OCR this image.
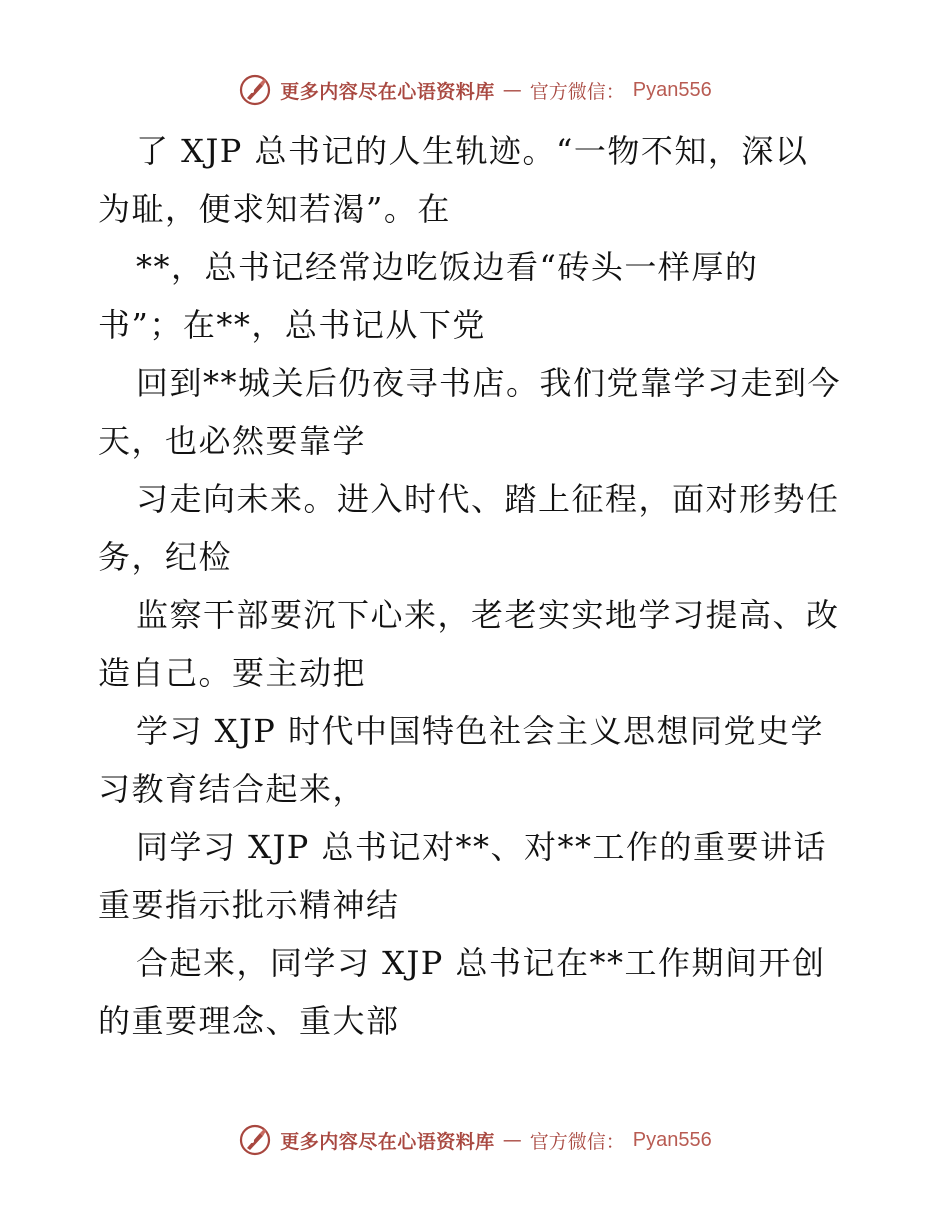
更多内容尽在心语资料库 — 官方微信： Pyan556
了 XJP 总书记的人生轨迹。“一物不知，深以
为耻，便求知若渴”。在
**，总书记经常边吃饭边看“砖头一样厚的
书”；在**，总书记从下党
回到**城关后仍夜寻书店。我们党靠学习走到今
天，也必然要靠学
习走向未来。进入时代、踏上征程，面对形势任
务，纪检
监察干部要沉下心来，老老实实地学习提高、改
造自己。要主动把
学习 XJP 时代中国特色社会主义思想同党史学
习教育结合起来，
同学习 XJP 总书记对**、对**工作的重要讲话
重要指示批示精神结
合起来，同学习 XJP 总书记在**工作期间开创
的重要理念、重大部
更多内容尽在心语资料库 — 官方微信： Pyan556
